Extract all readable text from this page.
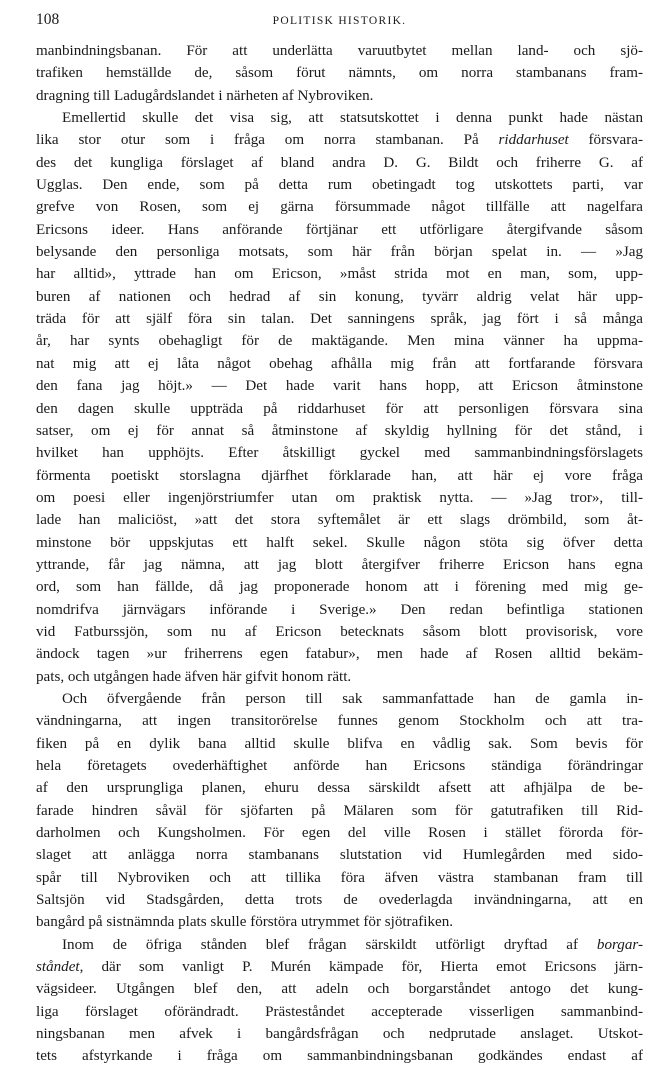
108	POLITISK HISTORIK.
manbindningsbanan. För att underlätta varuutbytet mellan land- och sjö-
trafiken hemställde de, såsom förut nämnts, om norra stambanans fram-
dragning till Ladugårdslandet i närheten af Nybroviken.
Emellertid skulle det visa sig, att statsutskottet i denna punkt hade nästan
lika stor otur som i fråga om norra stambanan. På riddarhuset försvara-
des det kungliga förslaget af bland andra D. G. Bildt och friherre G. af
Ugglas. Den ende, som på detta rum obetingadt tog utskottets parti, var
grefve von Rosen, som ej gärna försummade något tillfälle att nagelfara
Ericsons ideer. Hans anförande förtjänar ett utförligare återgifvande såsom
belysande den personliga motsats, som här från början spelat in. — »Jag
har alltid», yttrade han om Ericson, »måst strida mot en man, som, upp-
buren af nationen och hedrad af sin konung, tyvärr aldrig velat här upp-
träda för att själf föra sin talan. Det sanningens språk, jag fört i så många
år, har synts obehagligt för de maktägande. Men mina vänner ha uppma-
nat mig att ej låta något obehag afhålla mig från att fortfarande försvara
den fana jag höjt.» — Det hade varit hans hopp, att Ericson åtminstone
den dagen skulle uppträda på riddarhuset för att personligen försvara sina
satser, om ej för annat så åtminstone af skyldig hyllning för det stånd, i
hvilket han upphöjts. Efter åtskilligt gyckel med sammanbindningsförslagets
förmenta poetiskt storslagna djärfhet förklarade han, att här ej vore fråga
om poesi eller ingenjörstriumfer utan om praktisk nytta. — »Jag tror», till-
lade han maliciöst, »att det stora syftemålet är ett slags drömbild, som åt-
minstone bör uppskjutas ett halft sekel. Skulle någon stöta sig öfver detta
yttrande, får jag nämna, att jag blott återgifver friherre Ericson hans egna
ord, som han fällde, då jag proponerade honom att i förening med mig ge-
nomdrifva järnvägars införande i Sverige.» Den redan befintliga stationen
vid Fatburssjön, som nu af Ericson betecknats såsom blott provisorisk, vore
ändock tagen »ur friherrens egen fatabur», men hade af Rosen alltid bekäm-
pats, och utgången hade äfven här gifvit honom rätt.
Och öfvergående från person till sak sammanfattade han de gamla in-
vändningarna, att ingen transitorörelse funnes genom Stockholm och att tra-
fiken på en dylik bana alltid skulle blifva en vådlig sak. Som bevis för
hela företagets ovederhäftighet anförde han Ericsons ständiga förändringar
af den ursprungliga planen, ehuru dessa särskildt afsett att afhjälpa de be-
farade hindren såväl för sjöfarten på Mälaren som för gatutrafiken till Rid-
darholmen och Kungsholmen. För egen del ville Rosen i stället förorda för-
slaget att anlägga norra stambanans slutstation vid Humlegården med sido-
spår till Nybroviken och att tillika föra äfven västra stambanan fram till
Saltsjön vid Stadsgården, detta trots de ovederlagda invändningarna, att en
bangård på sistnämnda plats skulle förstöra utrymmet för sjötrafiken.
Inom de öfriga stånden blef frågan särskildt utförligt dryftad af borgar-
ståndet, där som vanligt P. Murén kämpade för, Hierta emot Ericsons järn-
vägsideer. Utgången blef den, att adeln och borgarståndet antogo det kung-
liga förslaget oförändradt. Prästeståndet accepterade visserligen sammanbind-
ningsbanan men afvek i bangårdsfrågan och nedprutade anslaget. Utskot-
tets afstyrkande i fråga om sammanbindningsbanan godkändes endast af
